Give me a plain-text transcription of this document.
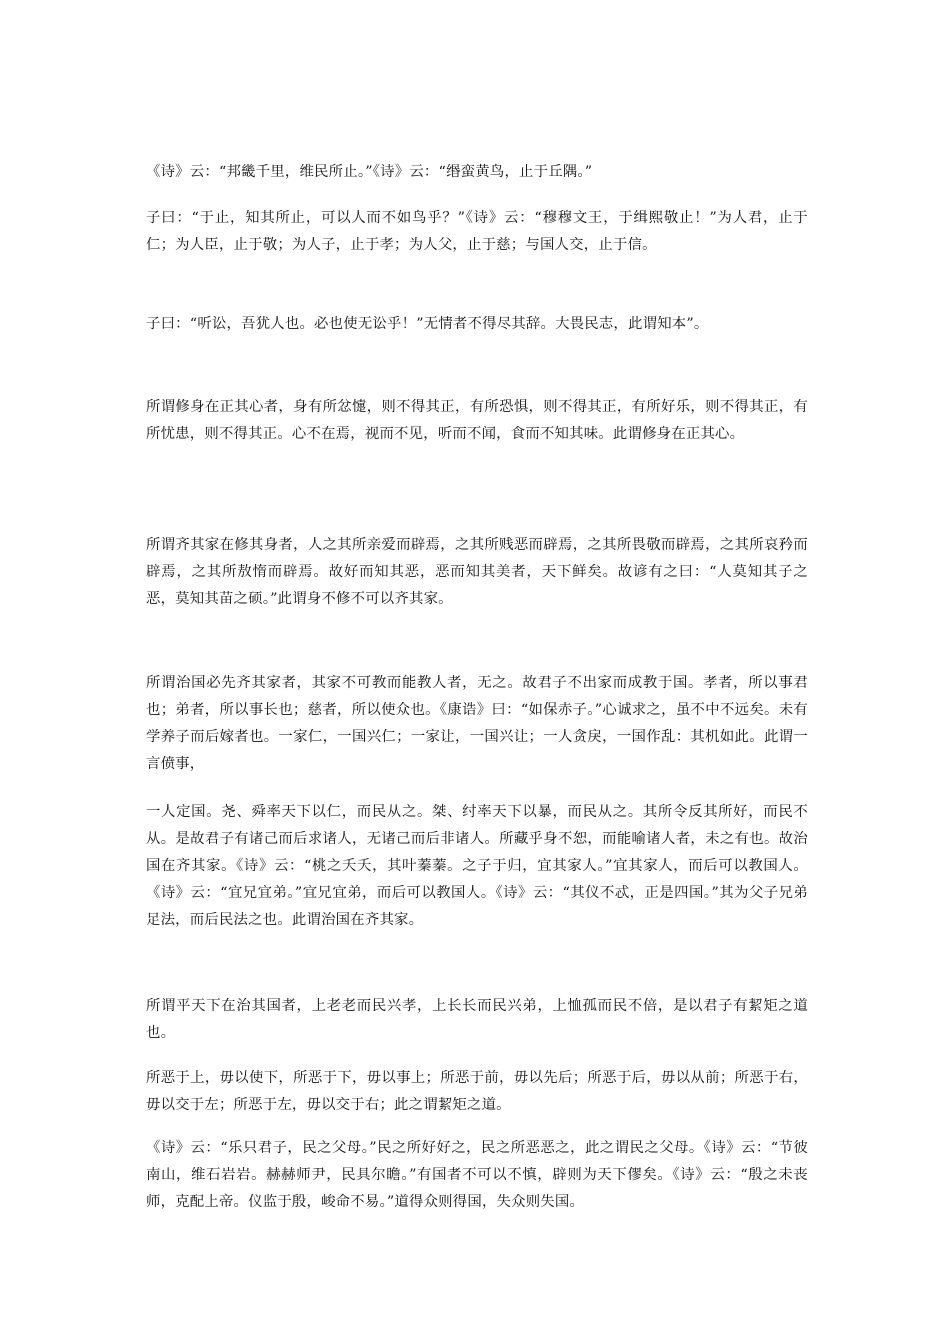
《诗》云：“邦畿千里，维民所止。”《诗》云：“缗蛮黄鸟，止于丘隅。”

子曰：“于止，知其所止，可以人而不如鸟乎？”《诗》云：“穆穆文王，于缉熙敬止！”为人君，止于仁；为人臣，止于敬；为人子，止于孝；为人父，止于慈；与国人交，止于信。

子曰：“听讼，吾犹人也。必也使无讼乎！”无情者不得尽其辞。大畏民志，此谓知本”。

所谓修身在正其心者，身有所忿懥，则不得其正，有所恐惧，则不得其正，有所好乐，则不得其正，有所忧患，则不得其正。心不在焉，视而不见，听而不闻，食而不知其味。此谓修身在正其心。

所谓齐其家在修其身者，人之其所亲爱而辟焉，之其所贱恶而辟焉，之其所畏敬而辟焉，之其所哀矜而辟焉，之其所敖惰而辟焉。故好而知其恶，恶而知其美者，天下鲜矣。故谚有之曰：“人莫知其子之恶，莫知其苗之硕。”此谓身不修不可以齐其家。

所谓治国必先齐其家者，其家不可教而能教人者，无之。故君子不出家而成教于国。孝者，所以事君也；弟者，所以事长也；慈者，所以使众也。《康诰》曰：“如保赤子。”心诚求之，虽不中不远矣。未有学养子而后嫁者也。一家仁，一国兴仁；一家让，一国兴让；一人贪戾，一国作乱：其机如此。此谓一言偾事，

一人定国。尧、舜率天下以仁，而民从之。桀、纣率天下以暴，而民从之。其所令反其所好，而民不从。是故君子有诸己而后求诸人，无诸己而后非诸人。所藏乎身不恕，而能喻诸人者，未之有也。故治国在齐其家。《诗》云：“桃之夭夭，其叶蓁蓁。之子于归，宜其家人。”宜其家人，而后可以教国人。《诗》云：“宜兄宜弟。”宜兄宜弟，而后可以教国人。《诗》云：“其仪不忒，正是四国。”其为父子兄弟足法，而后民法之也。此谓治国在齐其家。

所谓平天下在治其国者，上老老而民兴孝，上长长而民兴弟，上恤孤而民不倍，是以君子有絜矩之道也。

所恶于上，毋以使下，所恶于下，毋以事上；所恶于前，毋以先后；所恶于后，毋以从前；所恶于右，毋以交于左；所恶于左，毋以交于右；此之谓絜矩之道。

《诗》云：“乐只君子，民之父母。”民之所好好之，民之所恶恶之，此之谓民之父母。《诗》云：“节彼南山，维石岩岩。赫赫师尹，民具尔瞻。”有国者不可以不慎，辟则为天下僇矣。《诗》云：“殷之未丧师，克配上帝。仪监于殷，峻命不易。”道得众则得国，失众则失国。
